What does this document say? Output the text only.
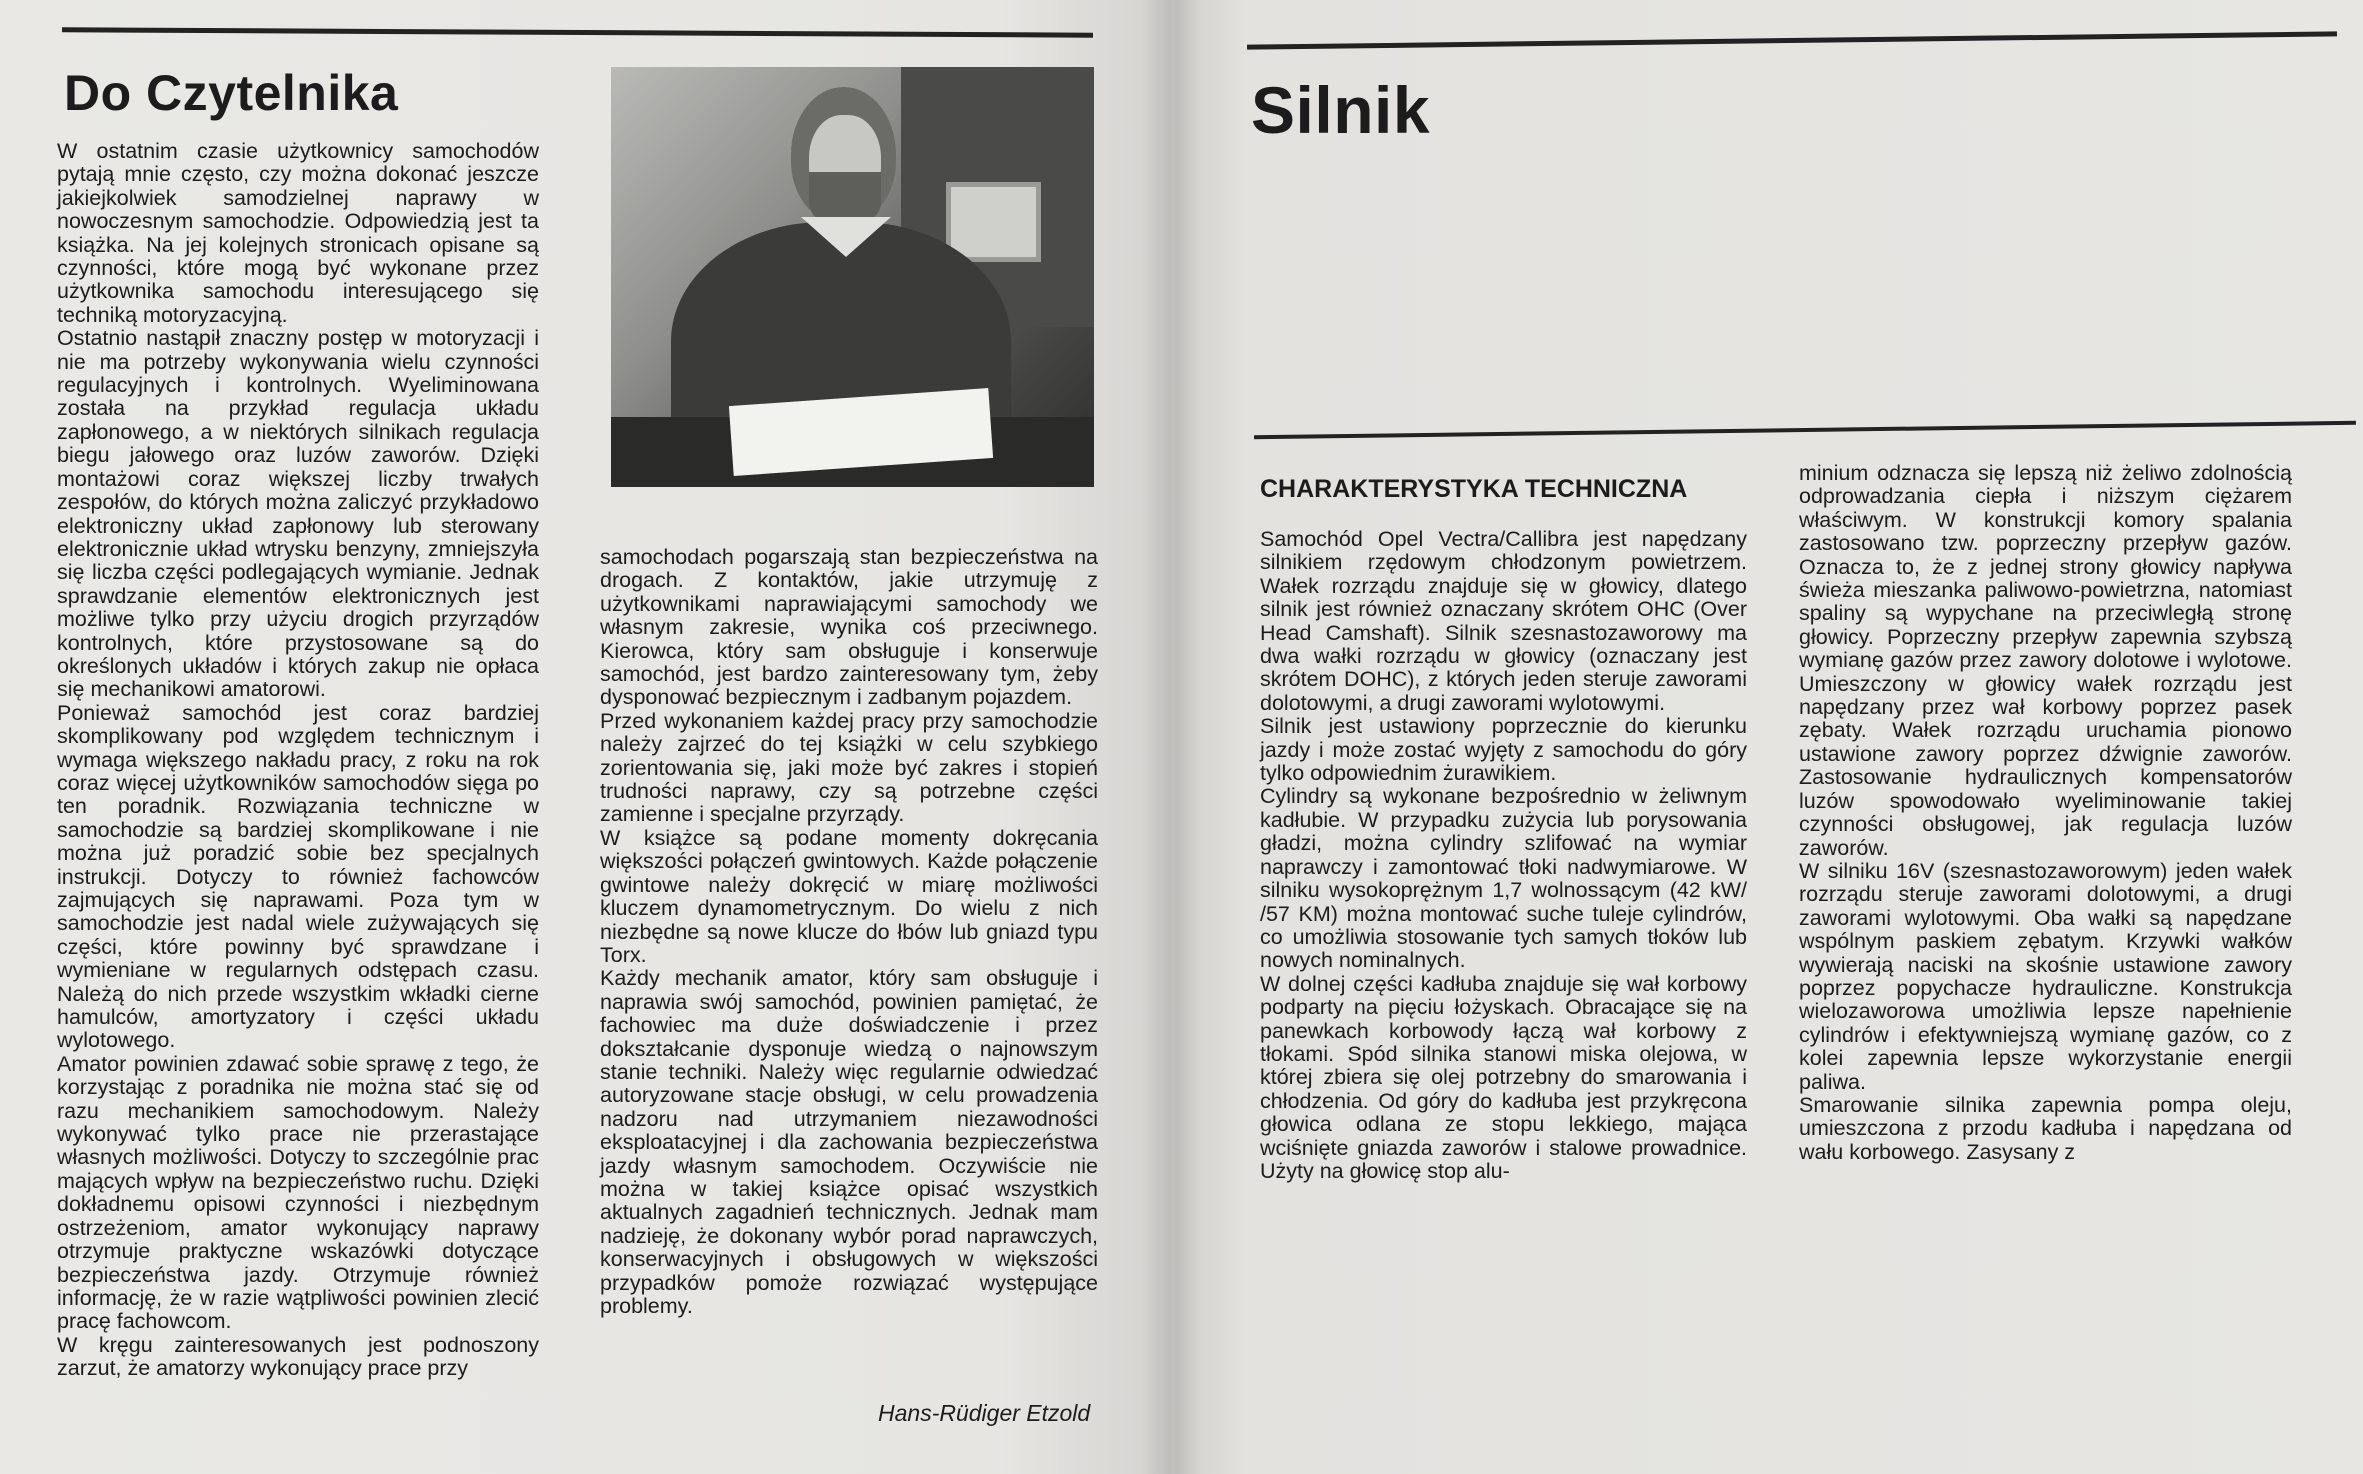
Do Czytelnika

W ostatnim czasie użytkownicy samochodów pytają mnie często, czy można dokonać jeszcze jakiejkolwiek samodzielnej naprawy w nowoczesnym samochodzie. Odpowiedzią jest ta książka. Na jej kolejnych stronicach opisane są czynności, które mogą być wykonane przez użytkownika samochodu interesującego się techniką motoryzacyjną.

Ostatnio nastąpił znaczny postęp w motoryzacji i nie ma potrzeby wykonywania wielu czynności regulacyjnych i kontrolnych. Wyeliminowana została na przykład regulacja układu zapłonowego, a w niektórych silnikach regulacja biegu jałowego oraz luzów zaworów. Dzięki montażowi coraz większej liczby trwałych zespołów, do których można zaliczyć przykładowo elektroniczny układ zapłonowy lub sterowany elektronicznie układ wtrysku benzyny, zmniejszyła się liczba części podlegających wymianie. Jednak sprawdzanie elementów elektronicznych jest możliwe tylko przy użyciu drogich przyrządów kontrolnych, które przystosowane są do określonych układów i których zakup nie opłaca się mechanikowi amatorowi.

Ponieważ samochód jest coraz bardziej skomplikowany pod względem technicznym i wymaga większego nakładu pracy, z roku na rok coraz więcej użytkowników samochodów sięga po ten poradnik. Rozwiązania techniczne w samochodzie są bardziej skomplikowane i nie można już poradzić sobie bez specjalnych instrukcji. Dotyczy to również fachowców zajmujących się naprawami. Poza tym w samochodzie jest nadal wiele zużywających się części, które powinny być sprawdzane i wymieniane w regularnych odstępach czasu. Należą do nich przede wszystkim wkładki cierne hamulców, amortyzatory i części układu wylotowego.

Amator powinien zdawać sobie sprawę z tego, że korzystając z poradnika nie można stać się od razu mechanikiem samochodowym. Należy wykonywać tylko prace nie przerastające własnych możliwości. Dotyczy to szczególnie prac mających wpływ na bezpieczeństwo ruchu. Dzięki dokładnemu opisowi czynności i niezbędnym ostrzeżeniom, amator wykonujący naprawy otrzymuje praktyczne wskazówki dotyczące bezpieczeństwa jazdy. Otrzymuje również informację, że w razie wątpliwości powinien zlecić pracę fachowcom.

W kręgu zainteresowanych jest podnoszony zarzut, że amatorzy wykonujący prace przy

samochodach pogarszają stan bezpieczeństwa na drogach. Z kontaktów, jakie utrzymuję z użytkownikami naprawiającymi samochody we własnym zakresie, wynika coś przeciwnego. Kierowca, który sam obsługuje i konserwuje samochód, jest bardzo zainteresowany tym, żeby dysponować bezpiecznym i zadbanym pojazdem.

Przed wykonaniem każdej pracy przy samochodzie należy zajrzeć do tej książki w celu szybkiego zorientowania się, jaki może być zakres i stopień trudności naprawy, czy są potrzebne części zamienne i specjalne przyrządy.

W książce są podane momenty dokręcania większości połączeń gwintowych. Każde połączenie gwintowe należy dokręcić w miarę możliwości kluczem dynamometrycznym. Do wielu z nich niezbędne są nowe klucze do łbów lub gniazd typu Torx.

Każdy mechanik amator, który sam obsługuje i naprawia swój samochód, powinien pamiętać, że fachowiec ma duże doświadczenie i przez dokształcanie dysponuje wiedzą o najnowszym stanie techniki. Należy więc regularnie odwiedzać autoryzowane stacje obsługi, w celu prowadzenia nadzoru nad utrzymaniem niezawodności eksploatacyjnej i dla zachowania bezpieczeństwa jazdy własnym samochodem. Oczywiście nie można w takiej książce opisać wszystkich aktualnych zagadnień technicznych. Jednak mam nadzieję, że dokonany wybór porad naprawczych, konserwacyjnych i obsługowych w większości przypadków pomoże rozwiązać występujące problemy.

Hans-Rüdiger Etzold
Silnik
CHARAKTERYSTYKA TECHNICZNA

Samochód Opel Vectra/Callibra jest napędzany silnikiem rzędowym chłodzonym powietrzem. Wałek rozrządu znajduje się w głowicy, dlatego silnik jest również oznaczany skrótem OHC (Over Head Camshaft). Silnik szesnastozaworowy ma dwa wałki rozrządu w głowicy (oznaczany jest skrótem DOHC), z których jeden steruje zaworami dolotowymi, a drugi zaworami wylotowymi.

Silnik jest ustawiony poprzecznie do kierunku jazdy i może zostać wyjęty z samochodu do góry tylko odpowiednim żurawikiem.

Cylindry są wykonane bezpośrednio w żeliwnym kadłubie. W przypadku zużycia lub porysowania gładzi, można cylindry szlifować na wymiar naprawczy i zamontować tłoki nadwymiarowe. W silniku wysokoprężnym 1,7 wolnossącym (42 kW/ /57 KM) można montować suche tuleje cylindrów, co umożliwia stosowanie tych samych tłoków lub nowych nominalnych.

W dolnej części kadłuba znajduje się wał korbowy podparty na pięciu łożyskach. Obracające się na panewkach korbowody łączą wał korbowy z tłokami. Spód silnika stanowi miska olejowa, w której zbiera się olej potrzebny do smarowania i chłodzenia. Od góry do kadłuba jest przykręcona głowica odlana ze stopu lekkiego, mająca wciśnięte gniazda zaworów i stalowe prowadnice. Użyty na głowicę stop alu-

minium odznacza się lepszą niż żeliwo zdolnością odprowadzania ciepła i niższym ciężarem właściwym. W konstrukcji komory spalania zastosowano tzw. poprzeczny przepływ gazów. Oznacza to, że z jednej strony głowicy napływa świeża mieszanka paliwowo-powietrzna, natomiast spaliny są wypychane na przeciwległą stronę głowicy. Poprzeczny przepływ zapewnia szybszą wymianę gazów przez zawory dolotowe i wylotowe. Umieszczony w głowicy wałek rozrządu jest napędzany przez wał korbowy poprzez pasek zębaty. Wałek rozrządu uruchamia pionowo ustawione zawory poprzez dźwignie zaworów. Zastosowanie hydraulicznych kompensatorów luzów spowodowało wyeliminowanie takiej czynności obsługowej, jak regulacja luzów zaworów.

W silniku 16V (szesnastozaworowym) jeden wałek rozrządu steruje zaworami dolotowymi, a drugi zaworami wylotowymi. Oba wałki są napędzane wspólnym paskiem zębatym. Krzywki wałków wywierają naciski na skośnie ustawione zawory poprzez popychacze hydrauliczne. Konstrukcja wielozaworowa umożliwia lepsze napełnienie cylindrów i efektywniejszą wymianę gazów, co z kolei zapewnia lepsze wykorzystanie energii paliwa.

Smarowanie silnika zapewnia pompa oleju, umieszczona z przodu kadłuba i napędzana od wału korbowego. Zasysany z
